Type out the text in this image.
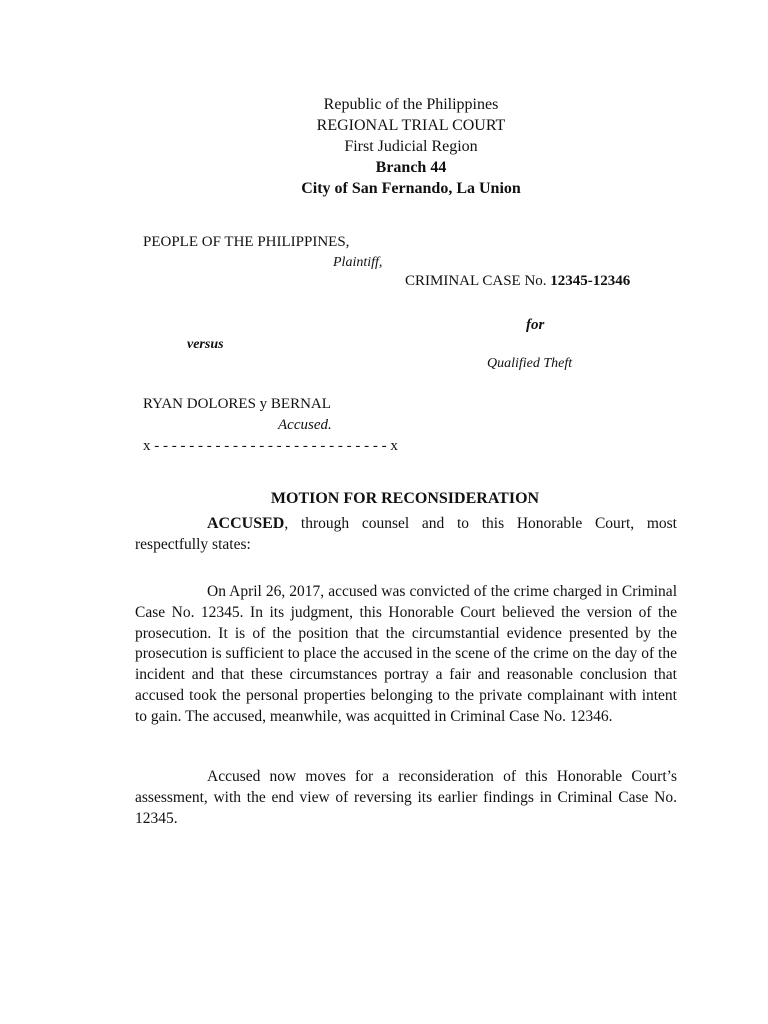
Republic of the Philippines
REGIONAL TRIAL COURT
First Judicial Region
Branch 44
City of San Fernando, La Union
PEOPLE OF THE PHILIPPINES,
Plaintiff,
CRIMINAL CASE No. 12345-12346
for
versus
Qualified Theft
RYAN DOLORES y BERNAL
Accused.
x - - - - - - - - - - - - - - - - - - - - - - - - - - - x
MOTION FOR RECONSIDERATION

ACCUSED, through counsel and to this Honorable Court, most respectfully states:

On April 26, 2017, accused was convicted of the crime charged in Criminal Case No. 12345. In its judgment, this Honorable Court believed the version of the prosecution. It is of the position that the circumstantial evidence presented by the prosecution is sufficient to place the accused in the scene of the crime on the day of the incident and that these circumstances portray a fair and reasonable conclusion that accused took the personal properties belonging to the private complainant with intent to gain. The accused, meanwhile, was acquitted in Criminal Case No. 12346.

Accused now moves for a reconsideration of this Honorable Court’s assessment, with the end view of reversing its earlier findings in Criminal Case No. 12345.
